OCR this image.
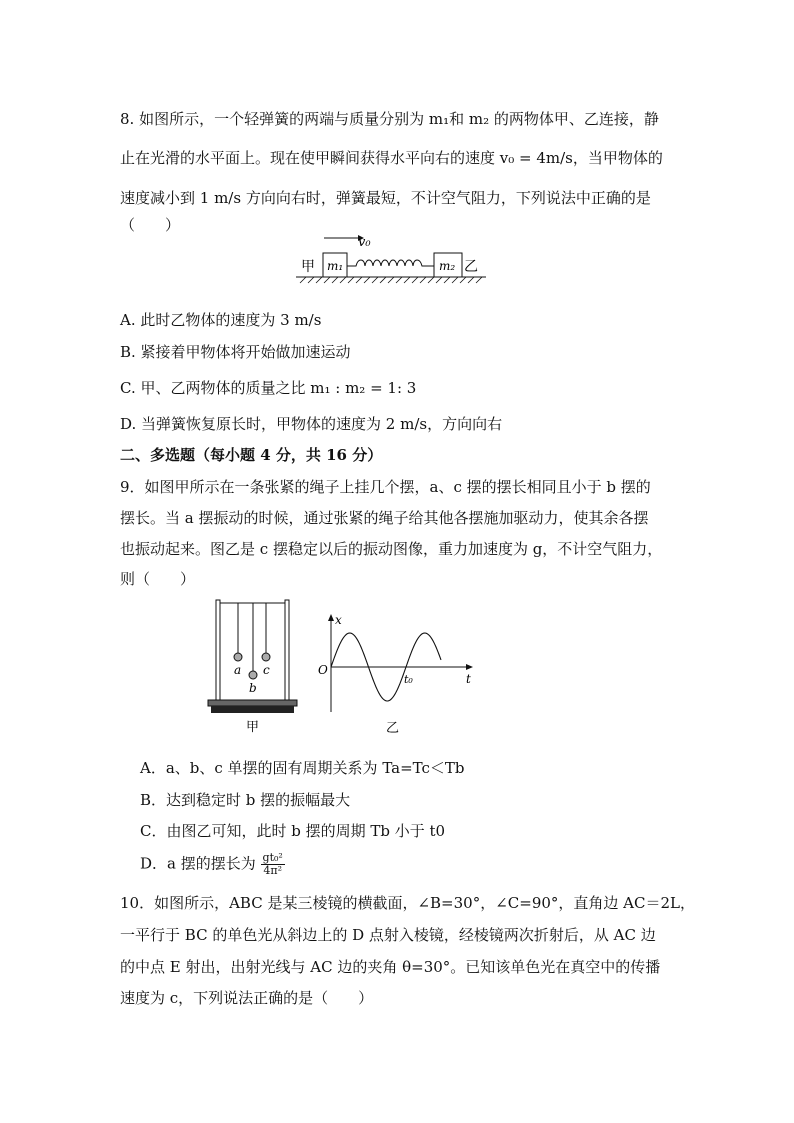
8. 如图所示，一个轻弹簧的两端与质量分别为 m₁和 m₂ 的两物体甲、乙连接，静
止在光滑的水平面上。现在使甲瞬间获得水平向右的速度 v₀ = 4m/s，当甲物体的
速度减小到 1 m/s 方向向右时，弹簧最短，不计空气阻力，下列说法中正确的是
（　　）
v₀
甲 m₁	m₂ 乙
A. 此时乙物体的速度为 3 m/s
B. 紧接着甲物体将开始做加速运动
C. 甲、乙两物体的质量之比 m₁ : m₂ = 1: 3
D. 当弹簧恢复原长时，甲物体的速度为 2 m/s，方向向右
二、多选题（每小题 4 分，共 16 分）
9．如图甲所示在一条张紧的绳子上挂几个摆，a、c 摆的摆长相同且小于 b 摆的
摆长。当 a 摆振动的时候，通过张紧的绳子给其他各摆施加驱动力，使其余各摆
也振动起来。图乙是 c 摆稳定以后的振动图像，重力加速度为 g，不计空气阻力，
则（　　）
a
b
c
甲
x
t
O
t₀
乙
A．a、b、c 单摆的固有周期关系为 Ta=Tc＜Tb
B．达到稳定时 b 摆的振幅最大
C．由图乙可知，此时 b 摆的周期 Tb 小于 t0
D．a 摆的摆长为 $\frac{\text{gt₀²}}{\text{4π²}}$
10．如图所示，ABC 是某三棱镜的横截面，∠B=30°，∠C=90°，直角边 AC＝2L，
一平行于 BC 的单色光从斜边上的 D 点射入棱镜，经棱镜两次折射后，从 AC 边
的中点 E 射出，出射光线与 AC 边的夹角 θ=30°。已知该单色光在真空中的传播
速度为 c，下列说法正确的是（　　）
